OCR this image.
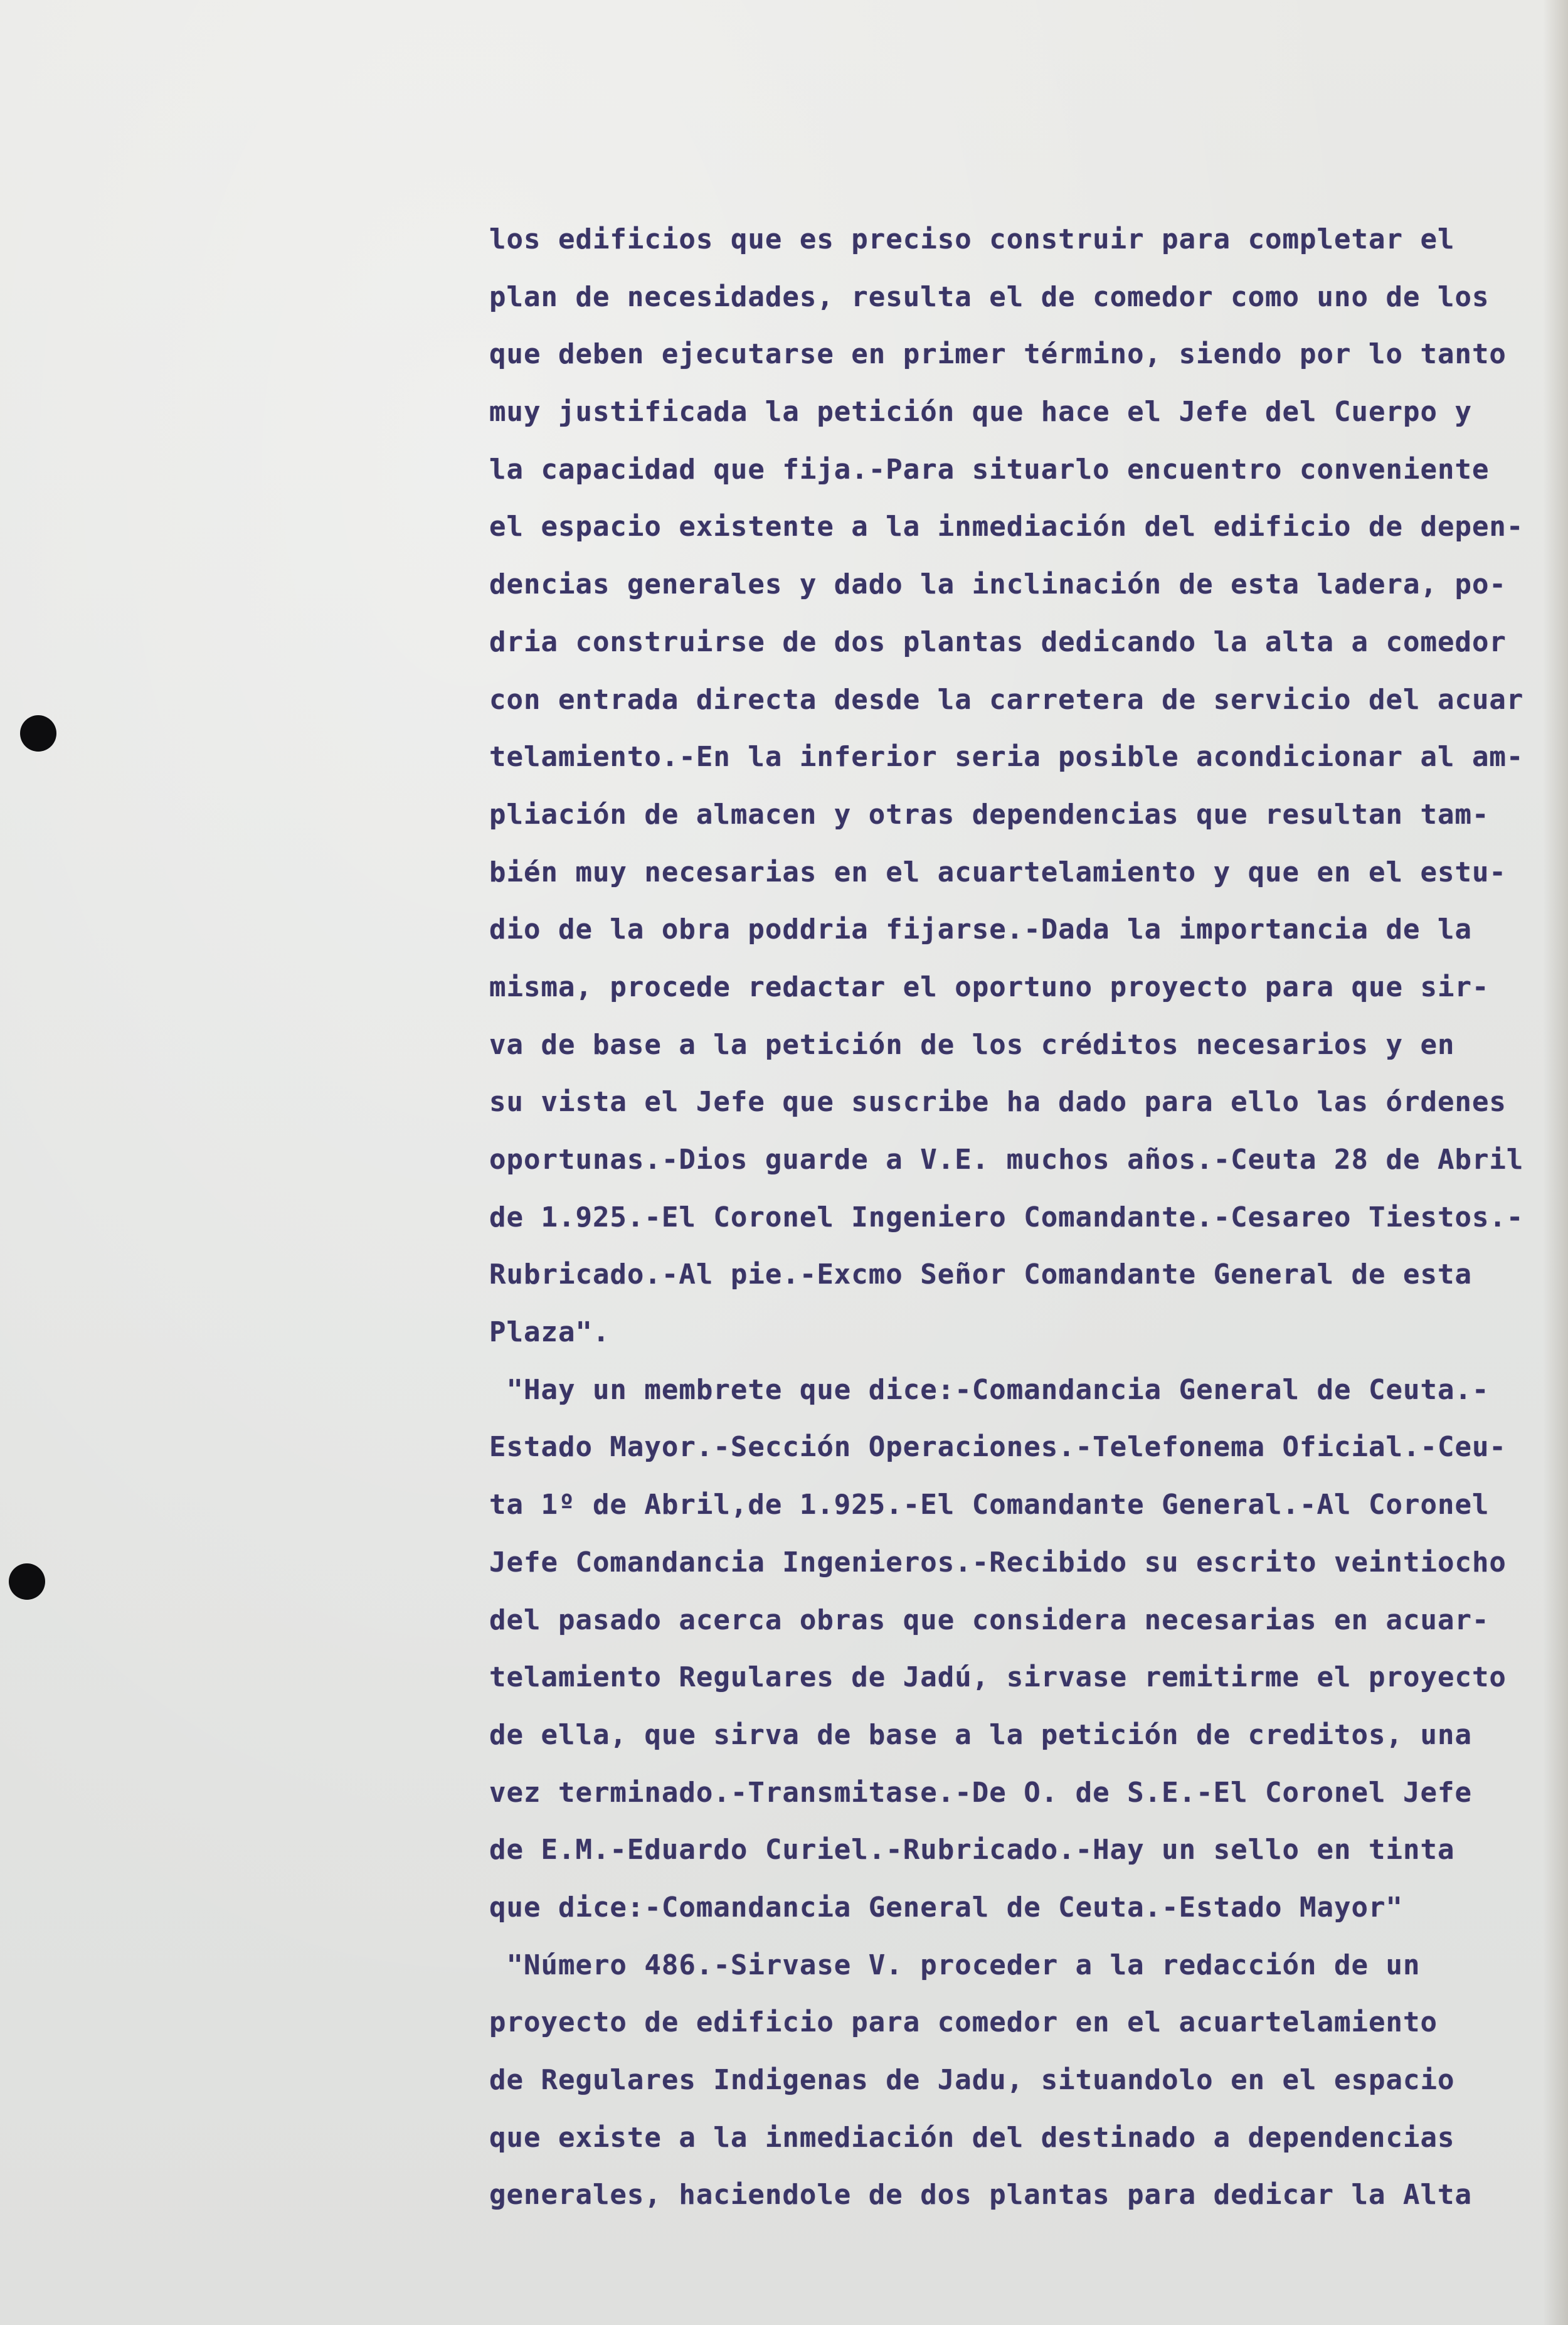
los edificios que es preciso construir para completar el
plan de necesidades, resulta el de comedor como uno de los
que deben ejecutarse en primer término, siendo por lo tanto
muy justificada la petición que hace el Jefe del Cuerpo y
la capacidad que fija.-Para situarlo encuentro conveniente
el espacio existente a la inmediación del edificio de depen-
dencias generales y dado la inclinación de esta ladera, po-
dria construirse de dos plantas dedicando la alta a comedor
con entrada directa desde la carretera de servicio del acuar
telamiento.-En la inferior seria posible acondicionar al am-
pliación de almacen y otras dependencias que resultan tam-
bién muy necesarias en el acuartelamiento y que en el estu-
dio de la obra poddria fijarse.-Dada la importancia de la
misma, procede redactar el oportuno proyecto para que sir-
va de base a la petición de los créditos necesarios y en
su vista el Jefe que suscribe ha dado para ello las órdenes
oportunas.-Dios guarde a V.E. muchos años.-Ceuta 28 de Abril
de 1.925.-El Coronel Ingeniero Comandante.-Cesareo Tiestos.-
Rubricado.-Al pie.-Excmo Señor Comandante General de esta
Plaza".
"Hay un membrete que dice:-Comandancia General de Ceuta.-
Estado Mayor.-Sección Operaciones.-Telefonema Oficial.-Ceu-
ta 1º de Abril,de 1.925.-El Comandante General.-Al Coronel
Jefe Comandancia Ingenieros.-Recibido su escrito veintiocho
del pasado acerca obras que considera necesarias en acuar-
telamiento Regulares de Jadú, sirvase remitirme el proyecto
de ella, que sirva de base a la petición de creditos, una
vez terminado.-Transmitase.-De O. de S.E.-El Coronel Jefe
de E.M.-Eduardo Curiel.-Rubricado.-Hay un sello en tinta
que dice:-Comandancia General de Ceuta.-Estado Mayor"
"Número 486.-Sirvase V. proceder a la redacción de un
proyecto de edificio para comedor en el acuartelamiento
de Regulares Indigenas de Jadu, situandolo en el espacio
que existe a la inmediación del destinado a dependencias
generales, haciendole de dos plantas para dedicar la Alta
